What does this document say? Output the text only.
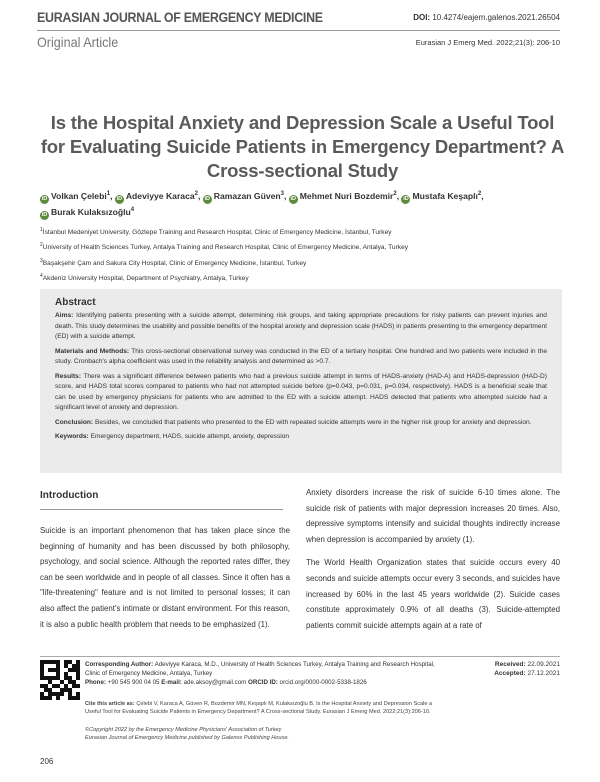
EURASIAN JOURNAL OF EMERGENCY MEDICINE	DOI: 10.4274/eajem.galenos.2021.26504
Original Article	Eurasian J Emerg Med. 2022;21(3): 206-10
Is the Hospital Anxiety and Depression Scale a Useful Tool for Evaluating Suicide Patients in Emergency Department? A Cross-sectional Study
iD Volkan Çelebi$^1$, iD Adeviyye Karaca$^2$, iD Ramazan Güven$^3$, iD Mehmet Nuri Bozdemir$^2$, iD Mustafa Keşaplı$^2$,
iD Burak Kulaksızoğlu$^4$
$^1$İstanbul Medeniyet University, Göztepe Training and Research Hospital, Clinic of Emergency Medicine, İstanbul, Turkey
$^2$University of Health Sciences Turkey, Antalya Training and Research Hospital, Clinic of Emergency Medicine, Antalya, Turkey
$^3$Başakşehir Çam and Sakura City Hospital, Clinic of Emergency Medicine, İstanbul, Turkey
$^4$Akdeniz University Hospital, Department of Psychiatry, Antalya, Turkey
Abstract

Aims: Identifying patients presenting with a suicide attempt, determining risk groups, and taking appropriate precautions for risky patients can prevent injuries and death. This study determines the usability and possible benefits of the hospital anxiety and depression scale (HADS) in patients presenting to the emergency department (ED) with a suicide attempt.

Materials and Methods: This cross-sectional observational survey was conducted in the ED of a tertiary hospital. One hundred and two patients were included in the study. Cronbach's alpha coefficient was used in the reliability analysis and determined as >0.7.

Results: There was a significant difference between patients who had a previous suicide attempt in terms of HADS-anxiety (HAD-A) and HADS-depression (HAD-D) score, and HADS total scores compared to patients who had not attempted suicide before (p=0.043, p=0.031, p=0.034, respectively). HADS is a beneficial scale that can be used by emergency physicians for patients who are admitted to the ED with a suicide attempt. HADS detected that patients who attempted suicide had a significant level of anxiety and depression.

Conclusion: Besides, we concluded that patients who presented to the ED with repeated suicide attempts were in the higher risk group for anxiety and depression.

Keywords: Emergency department, HADS, suicide attempt, anxiety, depression

Introduction

Suicide is an important phenomenon that has taken place since the beginning of humanity and has been discussed by both philosophy, psychology, and social science. Although the reported rates differ, they can be seen worldwide and in people of all classes. Since it often has a "life-threatening" feature and is not limited to personal losses; it can also affect the patient's intimate or distant environment. For this reason, it is also a public health problem that needs to be emphasized (1).

Anxiety disorders increase the risk of suicide 6-10 times alone. The suicide risk of patients with major depression increases 20 times. Also, depressive symptoms intensify and suicidal thoughts indirectly increase when depression is accompanied by anxiety (1).

The World Health Organization states that suicide occurs every 40 seconds and suicide attempts occur every 3 seconds, and suicides have increased by 60% in the last 45 years worldwide (2). Suicide cases constitute approximately 0.9% of all deaths (3). Suicide-attempted patients commit suicide attempts again at a rate of

Corresponding Author: Adeviyye Karaca, M.D., University of Health Sciences Turkey, Antalya Training and Research Hospital, Clinic of Emergency Medicine, Antalya, Turkey
Phone: +90 545 900 04 05 E-mail: ade.aksoy@gmail.com ORCID ID: orcid.org/0000-0002-5338-1826
Received: 22.09.2021
Accepted: 27.12.2021
Cite this article as: Çelebi V, Karaca A, Güven R, Bozdemir MN, Keşaplı M, Kulaksızoğlu B. Is the Hospital Anxiety and Depression Scale a Useful Tool for Evaluating Suicide Patients in Emergency Department? A Cross-sectional Study. Eurasian J Emerg Med. 2022;21(3):206-10.
©Copyright 2022 by the Emergency Medicine Physicians' Association of Turkey
Eurasian Journal of Emergency Medicine published by Galenos Publishing House.
206
